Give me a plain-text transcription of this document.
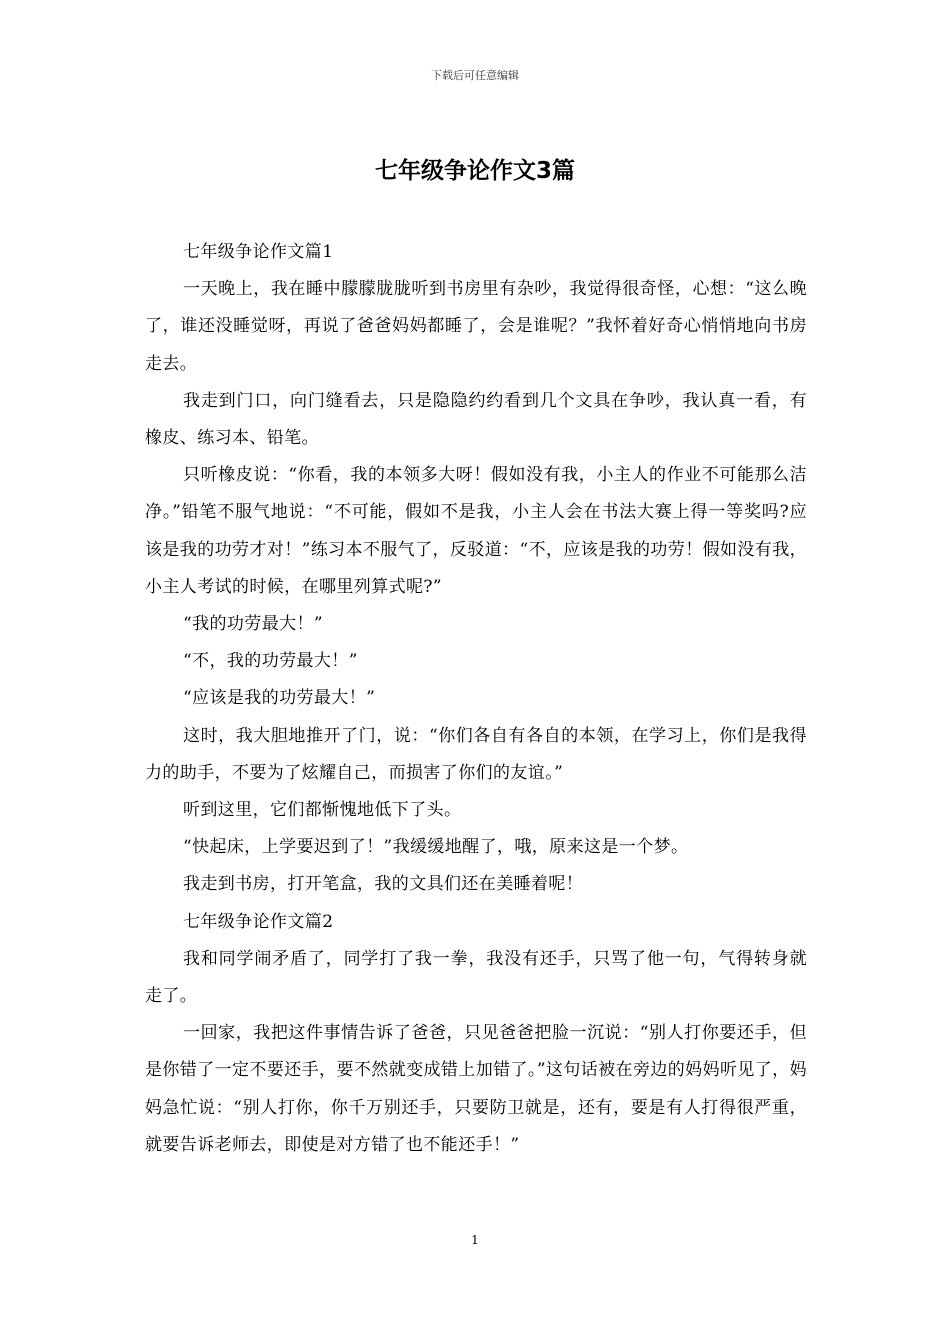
下载后可任意编辑
七年级争论作文3篇

七年级争论作文篇1

一天晚上，我在睡中朦朦胧胧听到书房里有杂吵，我觉得很奇怪，心想：“这么晚了，谁还没睡觉呀，再说了爸爸妈妈都睡了，会是谁呢？”我怀着好奇心悄悄地向书房走去。

我走到门口，向门缝看去，只是隐隐约约看到几个文具在争吵，我认真一看，有橡皮、练习本、铅笔。

只听橡皮说：“你看，我的本领多大呀！假如没有我，小主人的作业不可能那么洁净。”铅笔不服气地说：“不可能，假如不是我，小主人会在书法大赛上得一等奖吗?应该是我的功劳才对！”练习本不服气了，反驳道：“不，应该是我的功劳！假如没有我，小主人考试的时候，在哪里列算式呢?”

“我的功劳最大！”

“不，我的功劳最大！”

“应该是我的功劳最大！”

这时，我大胆地推开了门，说：“你们各自有各自的本领，在学习上，你们是我得力的助手，不要为了炫耀自己，而损害了你们的友谊。”

听到这里，它们都惭愧地低下了头。

“快起床，上学要迟到了！”我缓缓地醒了，哦，原来这是一个梦。

我走到书房，打开笔盒，我的文具们还在美睡着呢！

七年级争论作文篇2

我和同学闹矛盾了，同学打了我一拳，我没有还手，只骂了他一句，气得转身就走了。

一回家，我把这件事情告诉了爸爸，只见爸爸把脸一沉说：“别人打你要还手，但是你错了一定不要还手，要不然就变成错上加错了。”这句话被在旁边的妈妈听见了，妈妈急忙说：“别人打你，你千万别还手，只要防卫就是，还有，要是有人打得很严重，就要告诉老师去，即使是对方错了也不能还手！”

1
